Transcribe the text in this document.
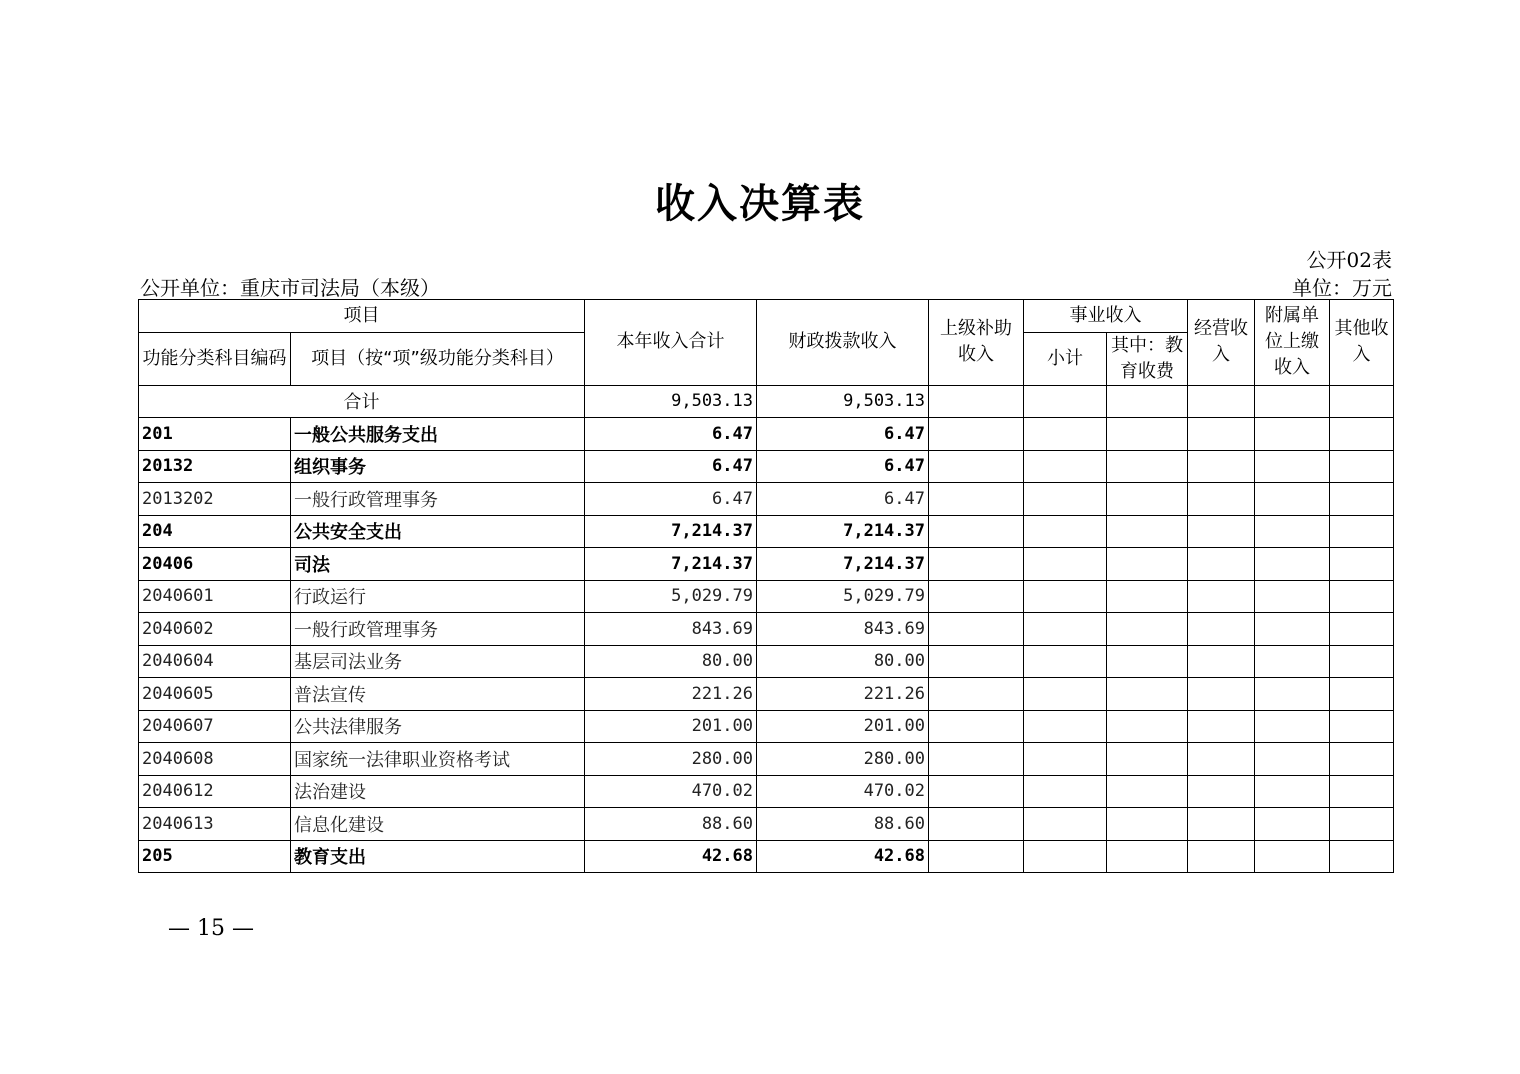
收入决算表
公开02表
公开单位：重庆市司法局（本级）	单位：万元
项目		本年收入合计	财政拨款收入	上级补助收入	事业收入		经营收入	附属单位上缴收入	其他收入
功能分类科目编码	项目（按“项”级功能分类科目）				小计	其中：教育收费			
合计		9,503.13	9,503.13						
201	一般公共服务支出	6.47	6.47						
20132	组织事务	6.47	6.47						
2013202	一般行政管理事务	6.47	6.47						
204	公共安全支出	7,214.37	7,214.37						
20406	司法	7,214.37	7,214.37						
2040601	行政运行	5,029.79	5,029.79						
2040602	一般行政管理事务	843.69	843.69						
2040604	基层司法业务	80.00	80.00						
2040605	普法宣传	221.26	221.26						
2040607	公共法律服务	201.00	201.00						
2040608	国家统一法律职业资格考试	280.00	280.00						
2040612	法治建设	470.02	470.02						
2040613	信息化建设	88.60	88.60						
205	教育支出	42.68	42.68						
— 15 —
